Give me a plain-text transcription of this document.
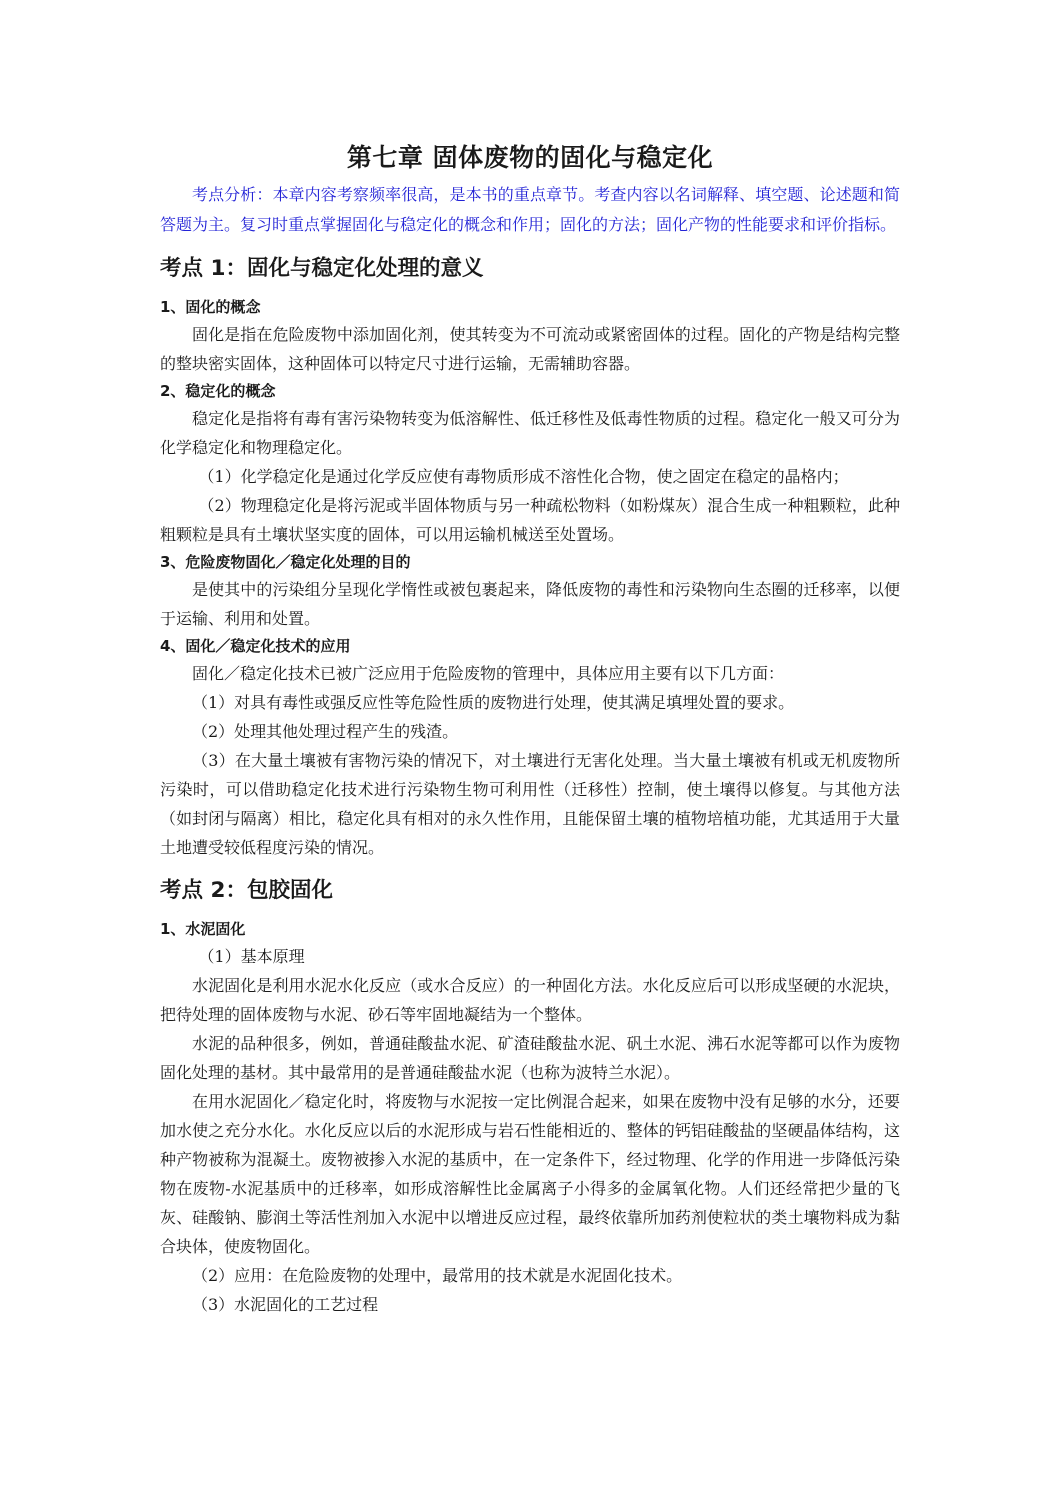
第七章 固体废物的固化与稳定化

考点分析：本章内容考察频率很高，是本书的重点章节。考查内容以名词解释、填空题、论述题和简答题为主。复习时重点掌握固化与稳定化的概念和作用；固化的方法；固化产物的性能要求和评价指标。

考点 1：固化与稳定化处理的意义
1、固化的概念

固化是指在危险废物中添加固化剂，使其转变为不可流动或紧密固体的过程。固化的产物是结构完整的整块密实固体，这种固体可以特定尺寸进行运输，无需辅助容器。

2、稳定化的概念

稳定化是指将有毒有害污染物转变为低溶解性、低迁移性及低毒性物质的过程。稳定化一般又可分为化学稳定化和物理稳定化。

（1）化学稳定化是通过化学反应使有毒物质形成不溶性化合物，使之固定在稳定的晶格内；

（2）物理稳定化是将污泥或半固体物质与另一种疏松物料（如粉煤灰）混合生成一种粗颗粒，此种粗颗粒是具有土壤状坚实度的固体，可以用运输机械送至处置场。

3、危险废物固化／稳定化处理的目的

是使其中的污染组分呈现化学惰性或被包裹起来，降低废物的毒性和污染物向生态圈的迁移率，以便于运输、利用和处置。

4、固化／稳定化技术的应用

固化／稳定化技术已被广泛应用于危险废物的管理中，具体应用主要有以下几方面：

（1）对具有毒性或强反应性等危险性质的废物进行处理，使其满足填埋处置的要求。

（2）处理其他处理过程产生的残渣。

（3）在大量土壤被有害物污染的情况下，对土壤进行无害化处理。当大量土壤被有机或无机废物所污染时，可以借助稳定化技术进行污染物生物可利用性（迁移性）控制，使土壤得以修复。与其他方法（如封闭与隔离）相比，稳定化具有相对的永久性作用，且能保留土壤的植物培植功能，尤其适用于大量土地遭受较低程度污染的情况。

考点 2：包胶固化
1、水泥固化

（1）基本原理

水泥固化是利用水泥水化反应（或水合反应）的一种固化方法。水化反应后可以形成坚硬的水泥块，把待处理的固体废物与水泥、砂石等牢固地凝结为一个整体。

水泥的品种很多，例如，普通硅酸盐水泥、矿渣硅酸盐水泥、矾土水泥、沸石水泥等都可以作为废物固化处理的基材。其中最常用的是普通硅酸盐水泥（也称为波特兰水泥）。

在用水泥固化／稳定化时，将废物与水泥按一定比例混合起来，如果在废物中没有足够的水分，还要加水使之充分水化。水化反应以后的水泥形成与岩石性能相近的、整体的钙铝硅酸盐的坚硬晶体结构，这种产物被称为混凝土。废物被掺入水泥的基质中，在一定条件下，经过物理、化学的作用进一步降低污染物在废物-水泥基质中的迁移率，如形成溶解性比金属离子小得多的金属氧化物。人们还经常把少量的飞灰、硅酸钠、膨润土等活性剂加入水泥中以增进反应过程，最终依靠所加药剂使粒状的类土壤物料成为黏合块体，使废物固化。

（2）应用：在危险废物的处理中，最常用的技术就是水泥固化技术。

（3）水泥固化的工艺过程
